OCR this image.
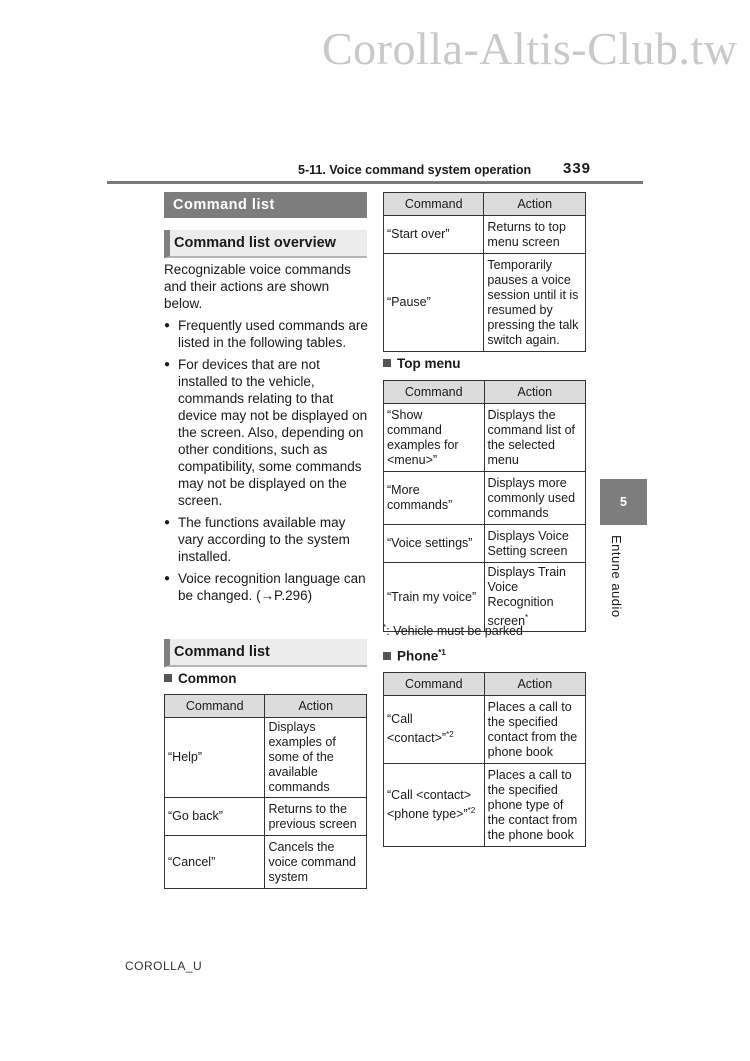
Corolla-Altis-Club.tw
5-11. Voice command system operation 339
Command list
Command list overview
Recognizable voice commands and their actions are shown below.
● Frequently used commands are listed in the following tables.
● For devices that are not installed to the vehicle, commands relating to that device may not be displayed on the screen. Also, depending on other conditions, such as compatibility, some commands may not be displayed on the screen.
● The functions available may vary according to the system installed.
● Voice recognition language can be changed. (→P.296)
Command list
Common
Command	Action
“Help”	Displays examples of some of the available commands
“Go back”	Returns to the previous screen
“Cancel”	Cancels the voice command system
Command	Action
“Start over”	Returns to top menu screen
“Pause”	Temporarily pauses a voice session until it is resumed by pressing the talk switch again.
Top menu
Command	Action
“Show command examples for <menu>”	Displays the command list of the selected menu
“More commands”	Displays more commonly used commands
“Voice settings”	Displays Voice Setting screen
“Train my voice”	Displays Train Voice Recognition screen*
*: Vehicle must be parked
Phone$^{*1}$
Command	Action
“Call <contact>”$^{*2}$	Places a call to the specified contact from the phone book
“Call <contact> <phone type>”$^{*2}$	Places a call to the specified phone type of the contact from the phone book
5
Entune audio
COROLLA_U
